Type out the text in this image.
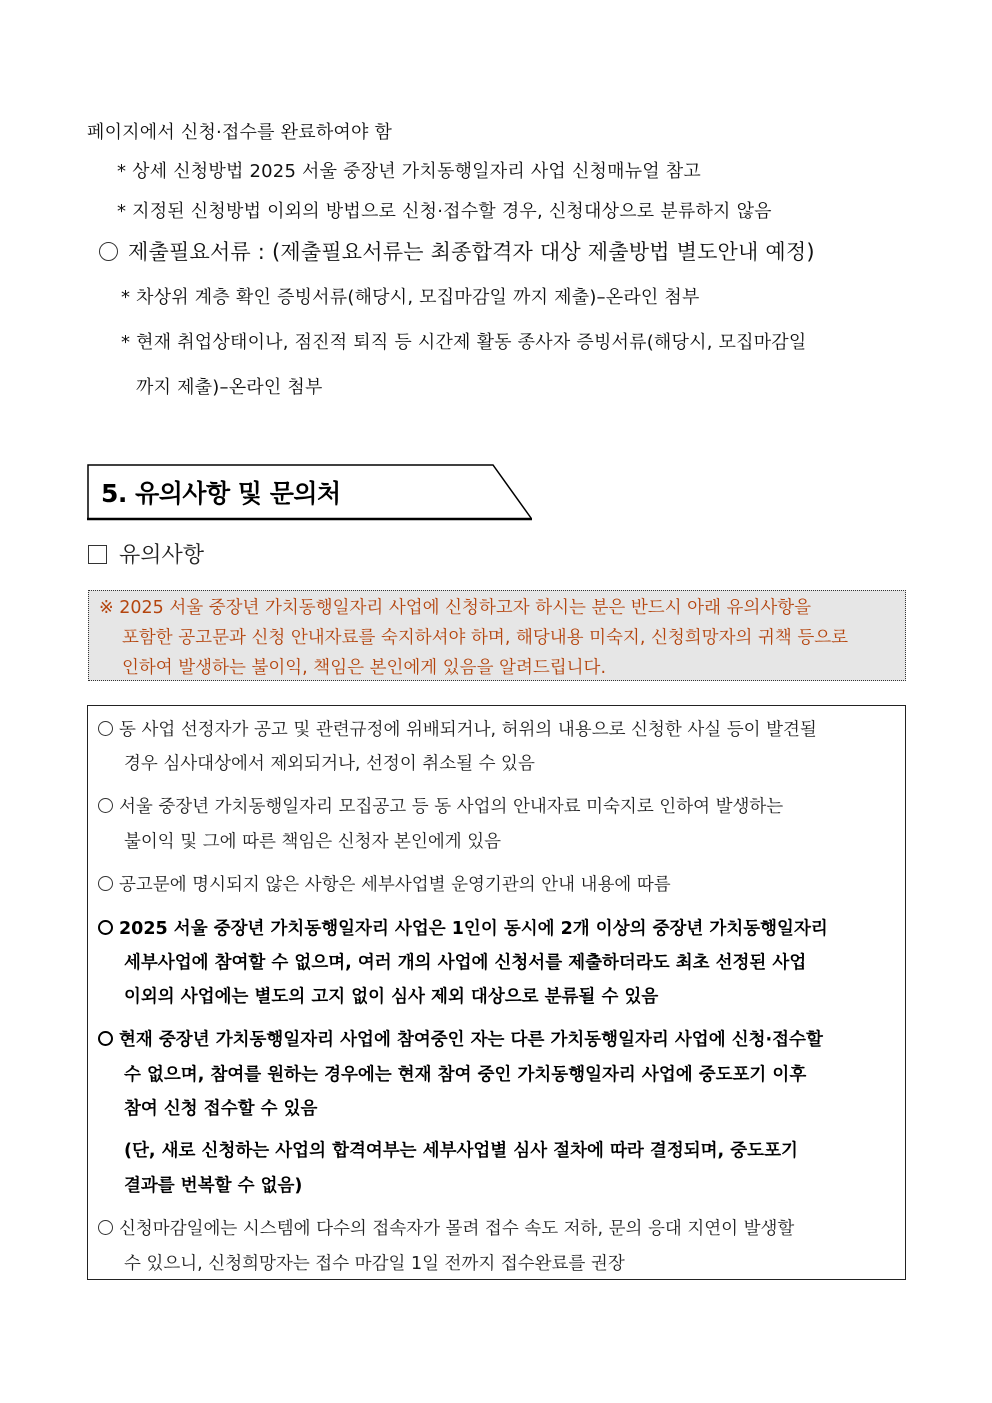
페이지에서 신청·접수를 완료하여야 함
* 상세 신청방법 2025 서울 중장년 가치동행일자리 사업 신청매뉴얼 참고
* 지정된 신청방법 이외의 방법으로 신청·접수할 경우, 신청대상으로 분류하지 않음
제출필요서류 : (제출필요서류는 최종합격자 대상 제출방법 별도안내 예정)
* 차상위 계층 확인 증빙서류(해당시, 모집마감일 까지 제출)–온라인 첨부
* 현재 취업상태이나, 점진적 퇴직 등 시간제 활동 종사자 증빙서류(해당시, 모집마감일
까지 제출)–온라인 첨부
5. 유의사항 및 문의처
유의사항
※ 2025 서울 중장년 가치동행일자리 사업에 신청하고자 하시는 분은 반드시 아래 유의사항을
포함한 공고문과 신청 안내자료를 숙지하셔야 하며, 해당내용 미숙지, 신청희망자의 귀책 등으로
인하여 발생하는 불이익, 책임은 본인에게 있음을 알려드립니다.
동 사업 선정자가 공고 및 관련규정에 위배되거나, 허위의 내용으로 신청한 사실 등이 발견될
경우 심사대상에서 제외되거나, 선정이 취소될 수 있음
서울 중장년 가치동행일자리 모집공고 등 동 사업의 안내자료 미숙지로 인하여 발생하는
불이익 및 그에 따른 책임은 신청자 본인에게 있음
공고문에 명시되지 않은 사항은 세부사업별 운영기관의 안내 내용에 따름
2025 서울 중장년 가치동행일자리 사업은 1인이 동시에 2개 이상의 중장년 가치동행일자리
세부사업에 참여할 수 없으며, 여러 개의 사업에 신청서를 제출하더라도 최초 선정된 사업
이외의 사업에는 별도의 고지 없이 심사 제외 대상으로 분류될 수 있음
현재 중장년 가치동행일자리 사업에 참여중인 자는 다른 가치동행일자리 사업에 신청·접수할
수 없으며, 참여를 원하는 경우에는 현재 참여 중인 가치동행일자리 사업에 중도포기 이후
참여 신청 접수할 수 있음
(단, 새로 신청하는 사업의 합격여부는 세부사업별 심사 절차에 따라 결정되며, 중도포기
결과를 번복할 수 없음)
신청마감일에는 시스템에 다수의 접속자가 몰려 접수 속도 저하, 문의 응대 지연이 발생할
수 있으니, 신청희망자는 접수 마감일 1일 전까지 접수완료를 권장
